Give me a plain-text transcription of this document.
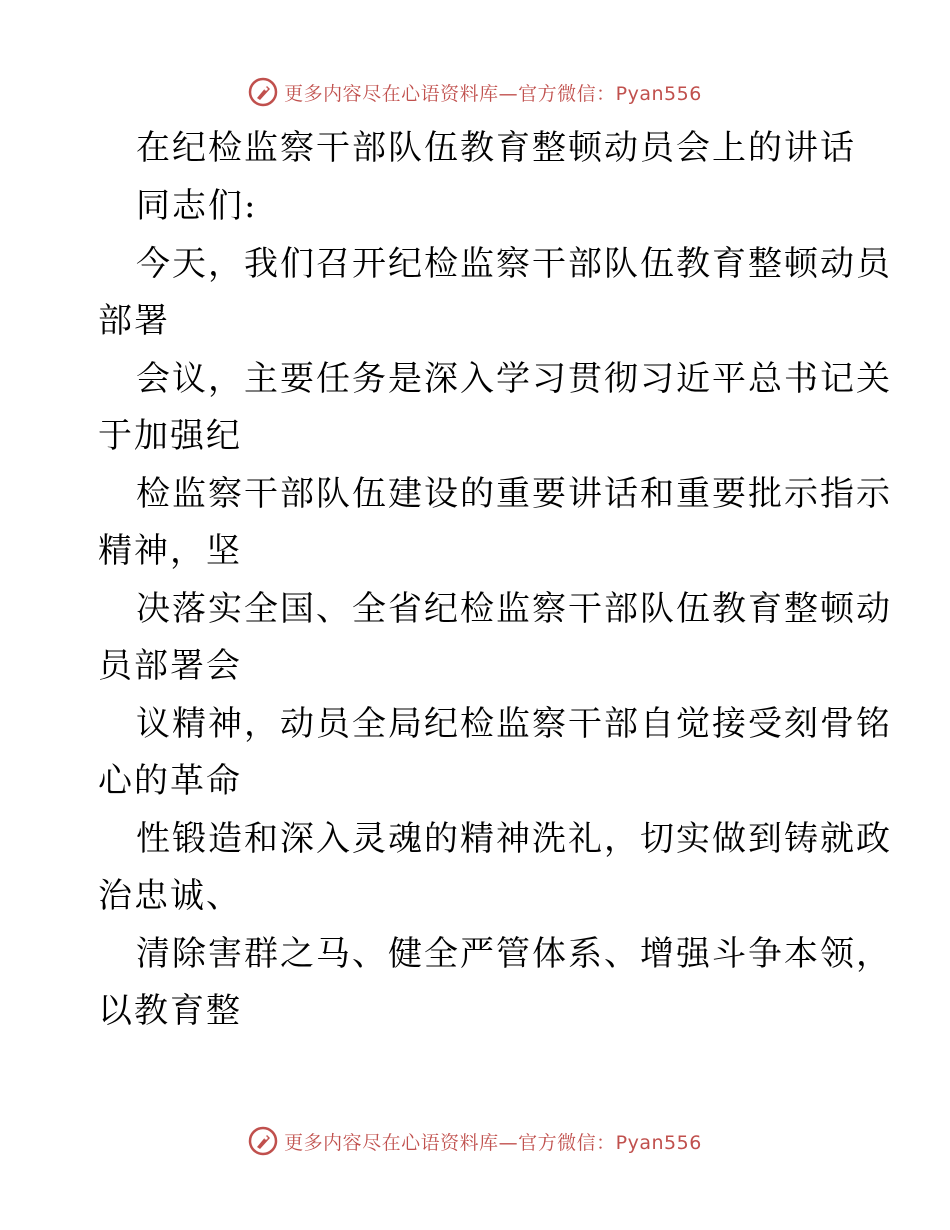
更多内容尽在心语资料库—官方微信：Pyan556
在纪检监察干部队伍教育整顿动员会上的讲话
同志们:
今天，我们召开纪检监察干部队伍教育整顿动员
部署
会议，主要任务是深入学习贯彻习近平总书记关
于加强纪
检监察干部队伍建设的重要讲话和重要批示指示
精神，坚
决落实全国、全省纪检监察干部队伍教育整顿动
员部署会
议精神，动员全局纪检监察干部自觉接受刻骨铭
心的革命
性锻造和深入灵魂的精神洗礼，切实做到铸就政
治忠诚、
清除害群之马、健全严管体系、增强斗争本领，
以教育整
更多内容尽在心语资料库—官方微信：Pyan556
